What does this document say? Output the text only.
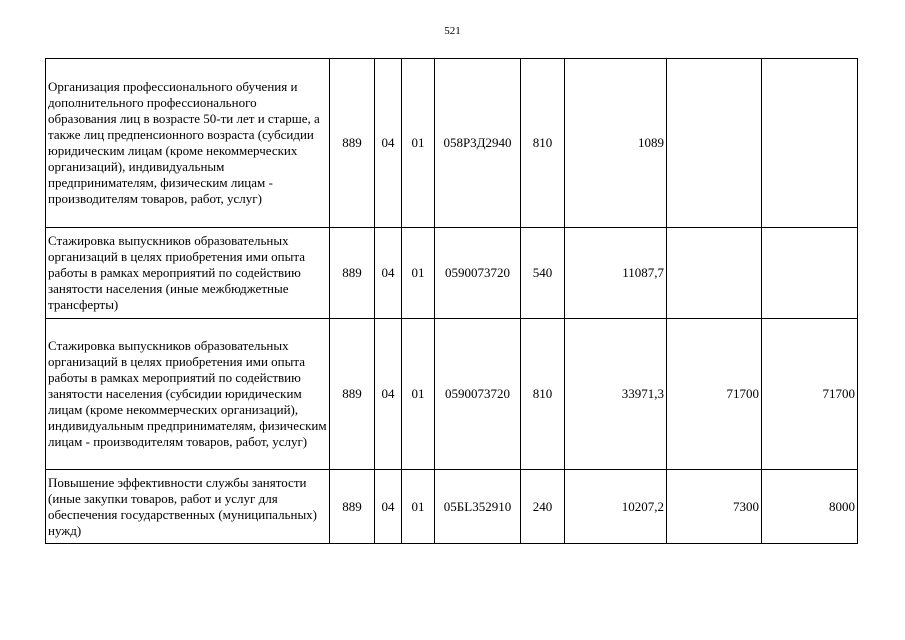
521
Организация профессионального обучения и дополнительного профессионального образования лиц в возрасте 50-ти лет и старше, а также лиц предпенсионного возраста (субсидии юридическим лицам (кроме некоммерческих организаций), индивидуальным предпринимателям, физическим лицам - производителям товаров, работ, услуг)	889	04	01	058P3Д2940	810	1089		
Стажировка выпускников образовательных организаций в целях приобретения ими опыта работы в рамках мероприятий по содействию занятости населения (иные межбюджетные трансферты)	889	04	01	0590073720	540	11087,7		
Стажировка выпускников образовательных организаций в целях приобретения ими опыта работы в рамках мероприятий по содействию занятости населения (субсидии юридическим лицам (кроме некоммерческих организаций), индивидуальным предпринимателям, физическим лицам - производителям товаров, работ, услуг)	889	04	01	0590073720	810	33971,3	71700	71700
Повышение эффективности службы занятости (иные закупки товаров, работ и услуг для обеспечения государственных (муниципальных) нужд)	889	04	01	05БL352910	240	10207,2	7300	8000
